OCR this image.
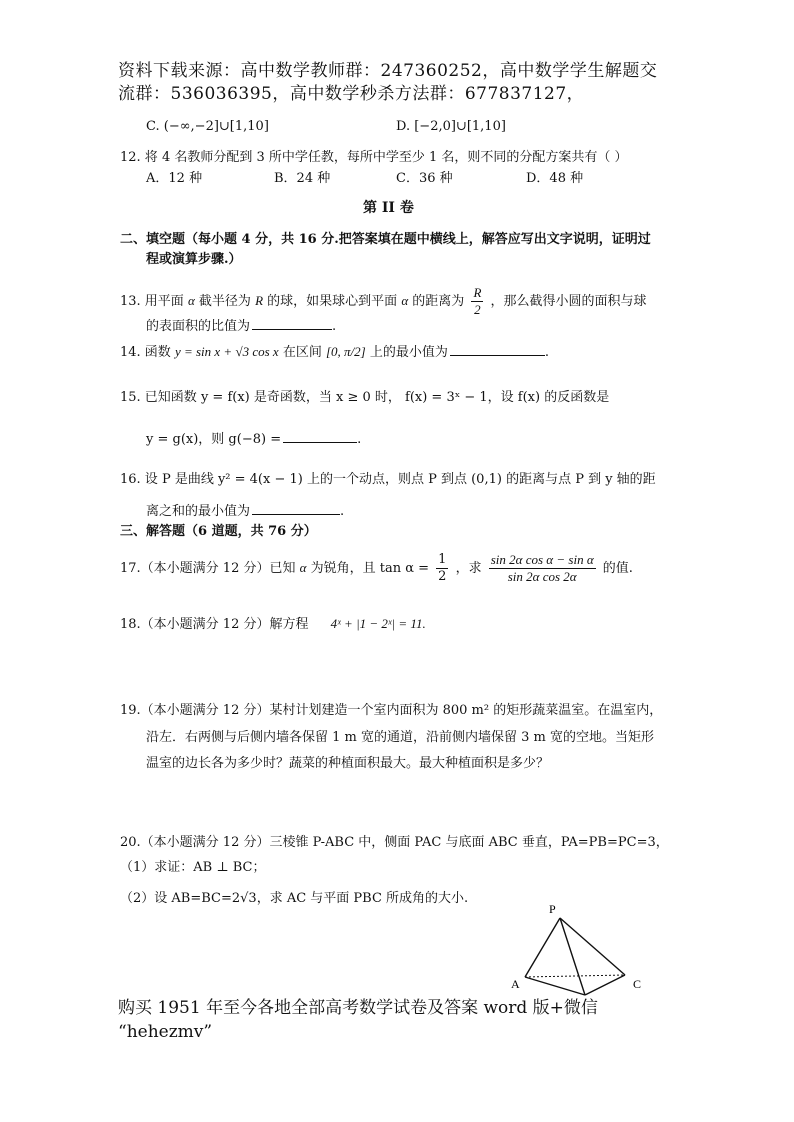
资料下载来源：高中数学教师群：247360252，高中数学学生解题交
流群：536036395，高中数学秒杀方法群：677837127，
C. (−∞,−2]∪[1,10]	D. [−2,0]∪[1,10]
12. 将 4 名教师分配到 3 所中学任教，每所中学至少 1 名，则不同的分配方案共有（ ）
A．12 种	B．24 种	C．36 种	D．48 种
第 II 卷
二、填空题（每小题 4 分，共 16 分.把答案填在题中横线上，解答应写出文字说明，证明过
程或演算步骤.）
13. 用平面 α 截半径为 R 的球，如果球心到平面 α 的距离为 $\frac{R}{2}$ ，那么截得小圆的面积与球
的表面积的比值为	.
14. 函数 y = sin x + √3 cos x 在区间 [0, π/2] 上的最小值为	.
15. 已知函数 y = f(x) 是奇函数，当 x ≥ 0 时， f(x) = 3ˣ − 1，设 f(x) 的反函数是
y = g(x)，则 g(−8) =	.
16. 设 P 是曲线 y² = 4(x − 1) 上的一个动点，则点 P 到点 (0,1) 的距离与点 P 到 y 轴的距
离之和的最小值为	.
三、解答题（6 道题，共 76 分）
17.（本小题满分 12 分）已知 α 为锐角，且 $\tan \alpha = \frac{1}{2}$ ，求 $\frac{\text{sin 2α cos α − sin α}}{\text{sin 2α cos 2α}}$ 的值.
18.（本小题满分 12 分）解方程 4ˣ + |1 − 2ˣ| = 11.
19.（本小题满分 12 分）某村计划建造一个室内面积为 800 m² 的矩形蔬菜温室。在温室内，
沿左．右两侧与后侧内墙各保留 1 m 宽的通道，沿前侧内墙保留 3 m 宽的空地。当矩形
温室的边长各为多少时？蔬菜的种植面积最大。最大种植面积是多少？
20.（本小题满分 12 分）三棱锥 P-ABC 中，侧面 PAC 与底面 ABC 垂直，PA=PB=PC=3，
（1）求证：AB ⊥ BC；
（2）设 AB=BC=2√3，求 AC 与平面 PBC 所成角的大小.
P
A	C
购买 1951 年至今各地全部高考数学试卷及答案 word 版+微信
“hehezmv”
